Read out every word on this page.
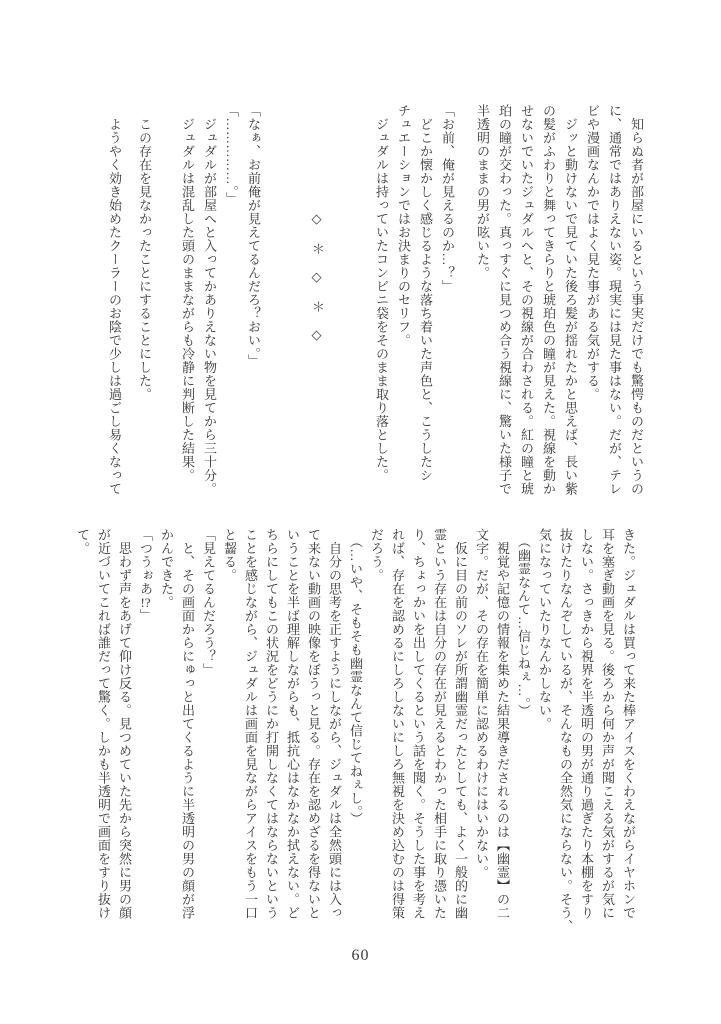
　知らぬ者が部屋にいるという事実だけでも驚愕ものだというの
に、通常ではありえない姿。現実には見た事はない。だが、テレ
ビや漫画なんかではよく見た事がある気がする。
　ジッと動けないで見ていた後ろ髪が揺れたかと思えば、長い紫
の髪がふわりと舞ってきらりと琥珀色の瞳が見えた。視線を動か
せないでいたジュダルへと、その視線が合わされる。紅の瞳と琥
珀の瞳が交わった。真っすぐに見つめ合う視線に、驚いた様子で
半透明のままの男が呟いた。
「お前、俺が見えるのか…？」
　どこか懐かしく感じるような落ち着いた声色と、こうしたシ
チュエーションではお決まりのセリフ。
　ジュダルは持っていたコンビニ袋をそのまま取り落とした。
◇＊◇＊◇
「なぁ、お前俺が見えてるんだろ？おい。」
「……………。」
　ジュダルが部屋へと入ってかありえない物を見てから三十分。
　ジュダルは混乱した頭のままながらも冷静に判断した結果。
　この存在を見なかったことにすることにした。
　ようやく効き始めたクーラーのお陰で少しは過ごし易くなって
きた。ジュダルは買って来た棒アイスをくわえながらイヤホンで
耳を塞ぎ動画を見る。後ろから何か声が聞こえる気がするが気に
しない。さっきから視界を半透明の男が通り過ぎたり本棚をすり
抜けたりなんぞしているが、そんなもの全然気にならない。そう、
気になっていたりなんかしない。
　（幽霊なんて…信じねぇ…。）
　視覚や記憶の情報を集めた結果導きだされるのは【幽霊】の二
文字。だが、その存在を簡単に認めるわけにはいかない。
　仮に目の前のソレが所謂幽霊だったとしても、よく一般的に幽
霊という存在は自分の存在が見えるとわかった相手に取り憑いた
り、ちょっかいを出してくるという話を聞く。そうした事を考え
れば、存在を認めるにしろしないにしろ無視を決め込むのは得策
だろう。
　（…いや、そもそも幽霊なんて信じてねぇし。）
　自分の思考を正すようにしながら、ジュダルは全然頭には入っ
て来ない動画の映像をぼうっと見る。存在を認めざるを得ないと
いうことを半ば理解しながらも、抵抗心はなかなか拭えない。ど
ちらにしてもこの状況をどうにか打開しなくてはならないという
ことを感じながら、ジュダルは画面を見ながらアイスをもう一口
と齧る。
「見えてるんだろう？」
　と、その画面からにゅっと出てくるように半透明の男の顔が浮
かんできた。
「つうぉあ!?」
　思わず声をあげて仰け反る。見つめていた先から突然に男の顔
が近づいてこれば誰だって驚く。しかも半透明で画面をすり抜け
て。
60
